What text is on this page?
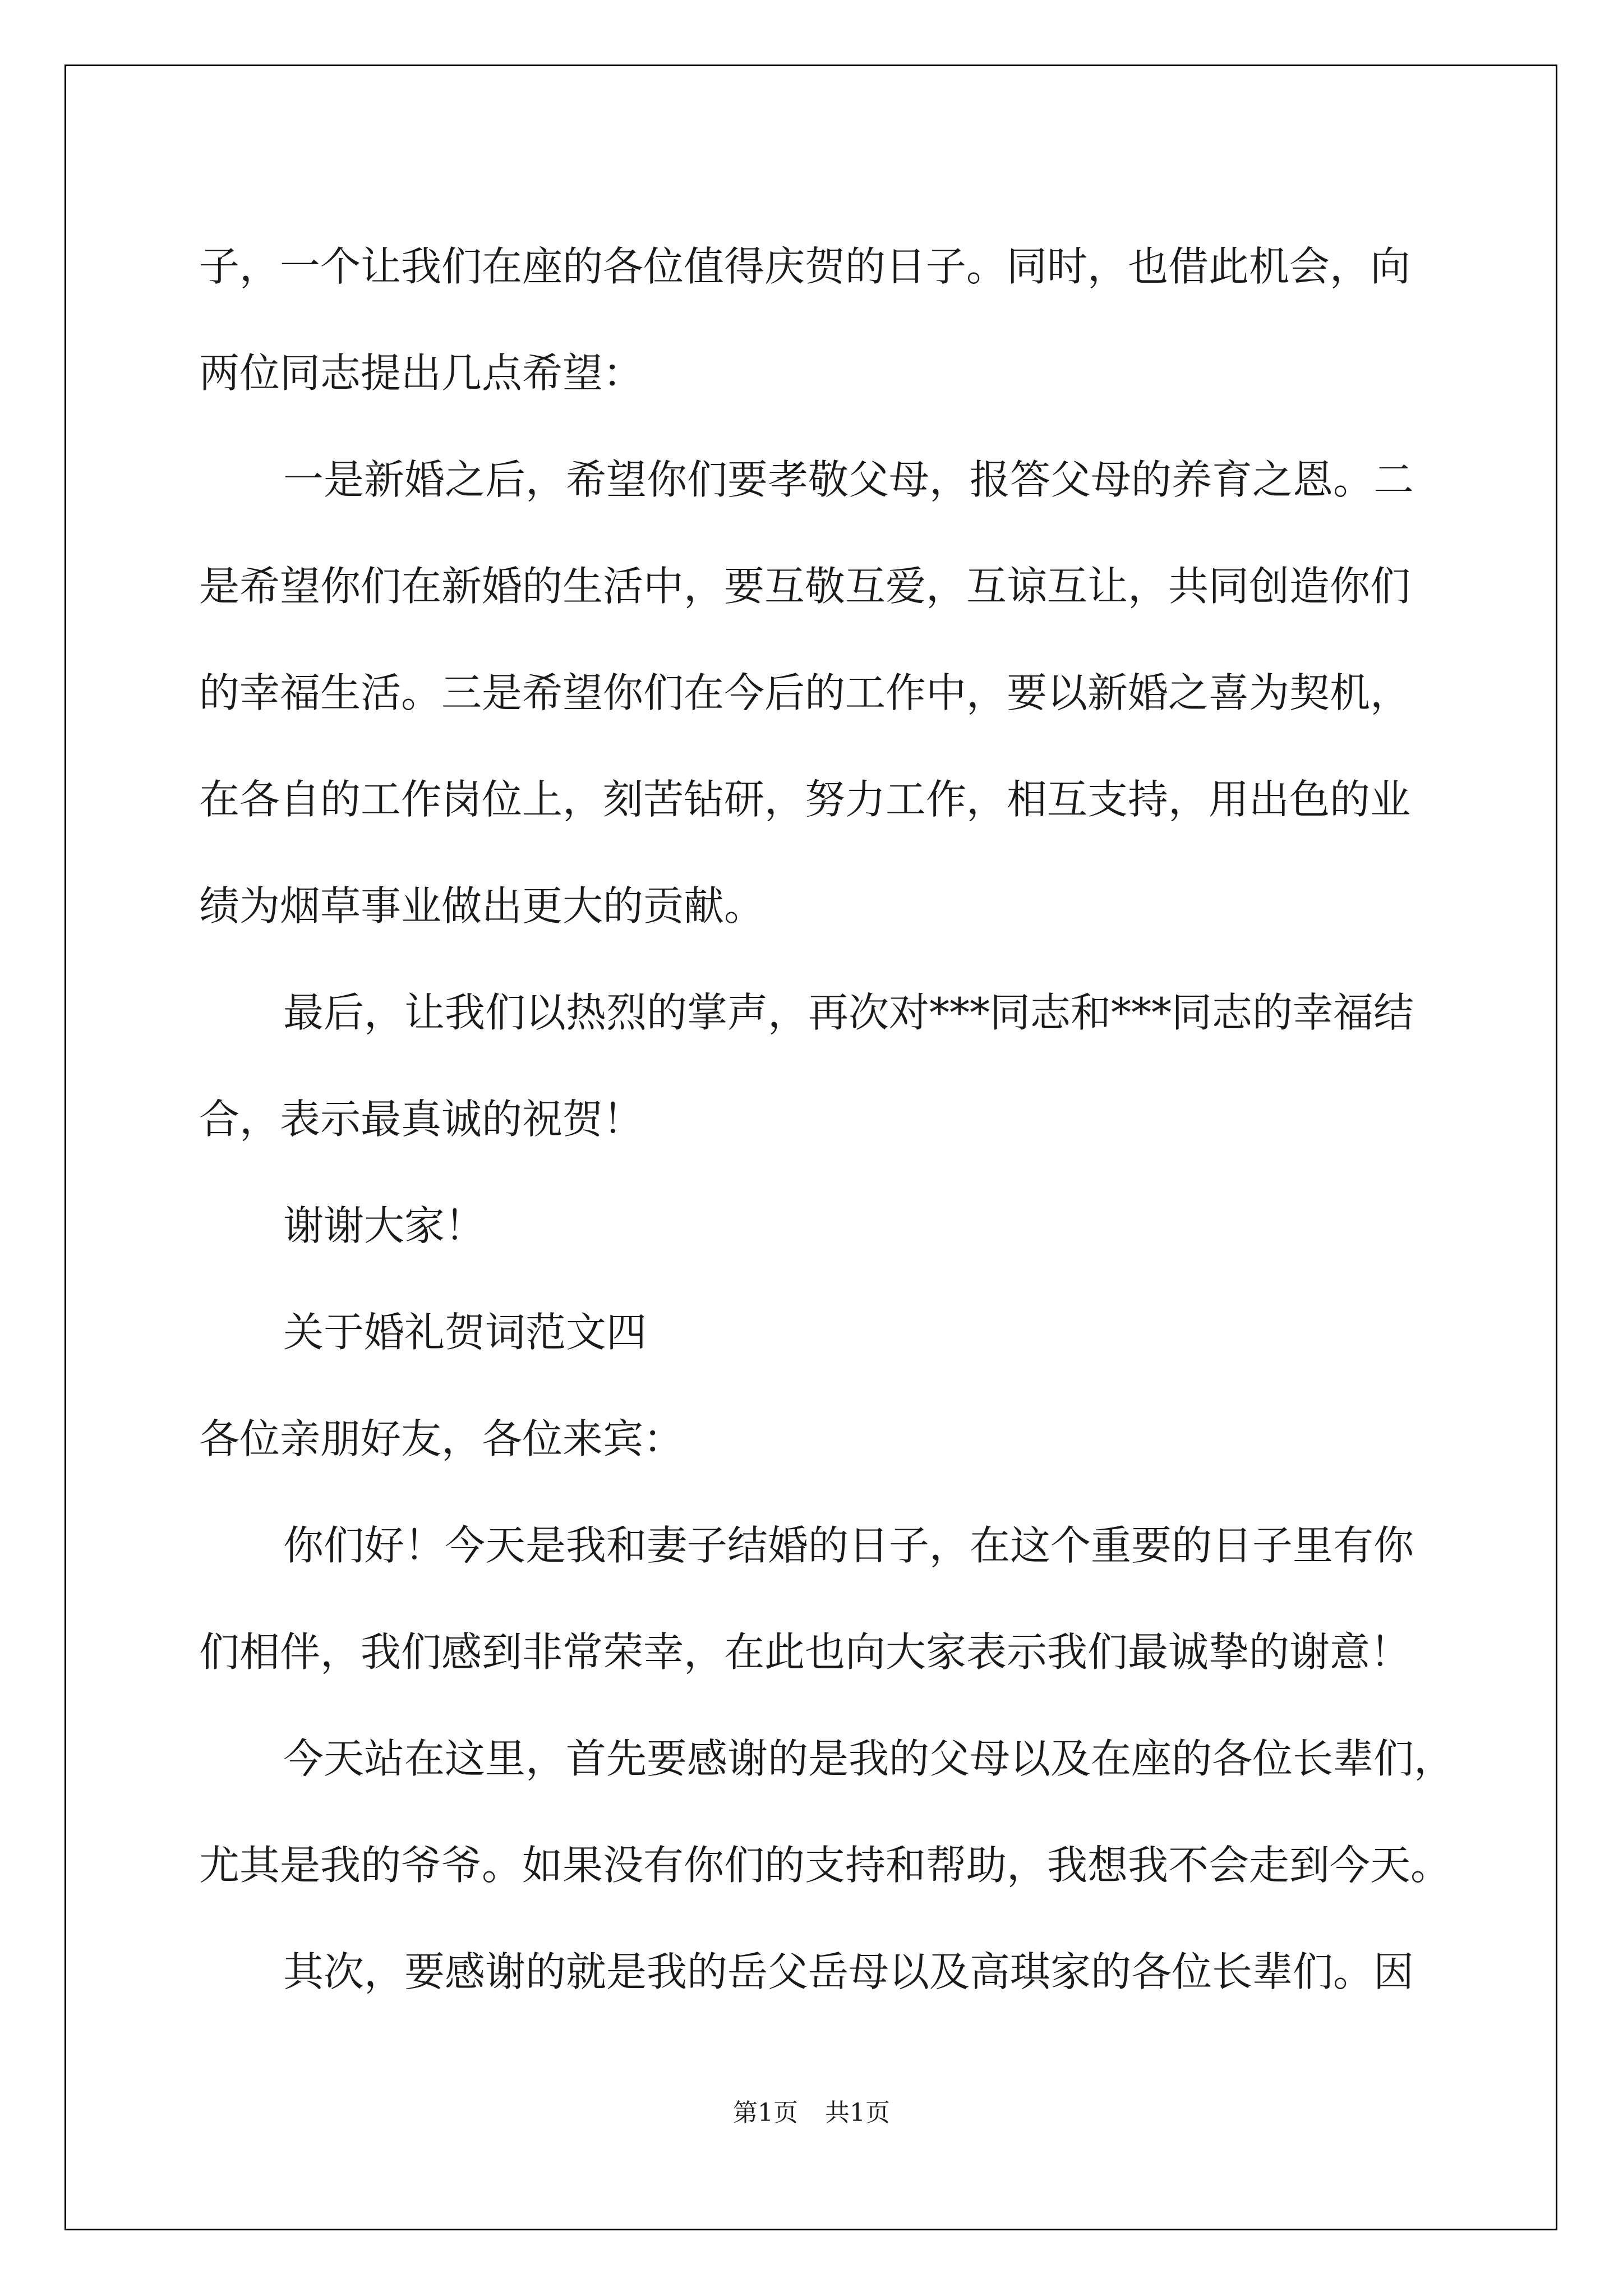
子，一个让我们在座的各位值得庆贺的日子。同时，也借此机会，向
两位同志提出几点希望：
一是新婚之后，希望你们要孝敬父母，报答父母的养育之恩。二
是希望你们在新婚的生活中，要互敬互爱，互谅互让，共同创造你们
的幸福生活。三是希望你们在今后的工作中，要以新婚之喜为契机，
在各自的工作岗位上，刻苦钻研，努力工作，相互支持，用出色的业
绩为烟草事业做出更大的贡献。
最后，让我们以热烈的掌声，再次对***同志和***同志的幸福结
合，表示最真诚的祝贺！
谢谢大家！
关于婚礼贺词范文四
各位亲朋好友，各位来宾：
你们好！今天是我和妻子结婚的日子，在这个重要的日子里有你
们相伴，我们感到非常荣幸，在此也向大家表示我们最诚挚的谢意！
今天站在这里，首先要感谢的是我的父母以及在座的各位长辈们，
尤其是我的爷爷。如果没有你们的支持和帮助，我想我不会走到今天。
其次，要感谢的就是我的岳父岳母以及高琪家的各位长辈们。因
第1页 共1页
